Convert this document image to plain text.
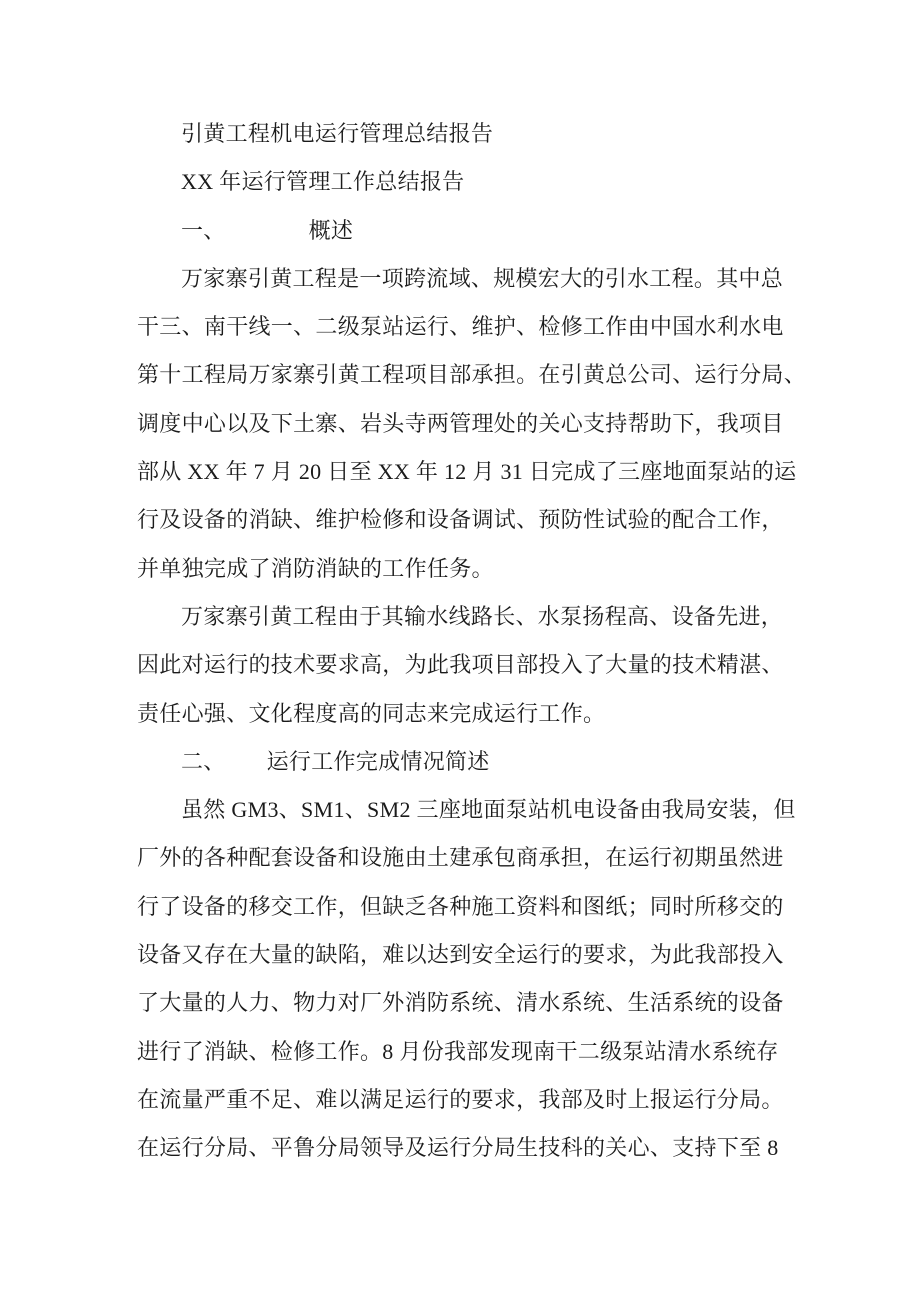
引黄工程机电运行管理总结报告
XX 年运行管理工作总结报告
一、	概述
万家寨引黄工程是一项跨流域、规模宏大的引水工程。其中总
干三、南干线一、二级泵站运行、维护、检修工作由中国水利水电
第十工程局万家寨引黄工程项目部承担。在引黄总公司、运行分局、
调度中心以及下土寨、岩头寺两管理处的关心支持帮助下，我项目
部从 XX 年 7 月 20 日至 XX 年 12 月 31 日完成了三座地面泵站的运
行及设备的消缺、维护检修和设备调试、预防性试验的配合工作，
并单独完成了消防消缺的工作任务。
万家寨引黄工程由于其输水线路长、水泵扬程高、设备先进，
因此对运行的技术要求高，为此我项目部投入了大量的技术精湛、
责任心强、文化程度高的同志来完成运行工作。
二、 运行工作完成情况简述
虽然 GM3、SM1、SM2 三座地面泵站机电设备由我局安装，但
厂外的各种配套设备和设施由土建承包商承担，在运行初期虽然进
行了设备的移交工作，但缺乏各种施工资料和图纸；同时所移交的
设备又存在大量的缺陷，难以达到安全运行的要求，为此我部投入
了大量的人力、物力对厂外消防系统、清水系统、生活系统的设备
进行了消缺、检修工作。8 月份我部发现南干二级泵站清水系统存
在流量严重不足、难以满足运行的要求，我部及时上报运行分局。
在运行分局、平鲁分局领导及运行分局生技科的关心、支持下至 8
